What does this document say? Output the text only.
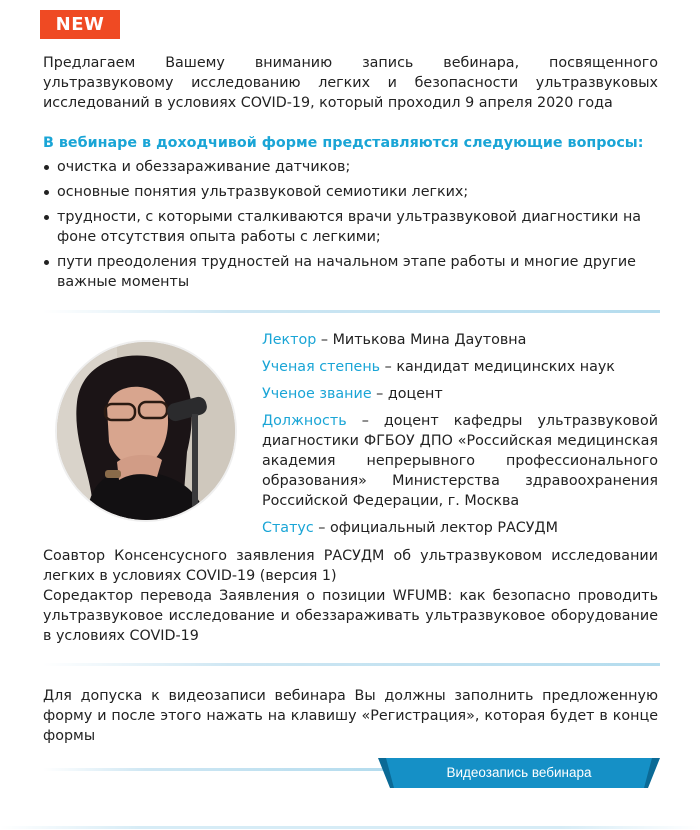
NEW

Предлагаем Вашему вниманию запись вебинара, посвященного ультразвуковому исследованию легких и безопасности ультразвуковых исследований в условиях COVID-19, который проходил 9 апреля 2020 года

В вебинаре в доходчивой форме представляются следующие вопросы:

очистка и обеззараживание датчиков;
основные понятия ультразвуковой семиотики легких;
трудности, с которыми сталкиваются врачи ультразвуковой диагностики на фоне отсутствия опыта работы с легкими;
пути преодоления трудностей на начальном этапе работы и многие другие важные моменты

Лектор – Митькова Мина Даутовна

Ученая степень – кандидат медицинских наук

Ученое звание – доцент

Должность – доцент кафедры ультразвуковой диагностики ФГБОУ ДПО «Российская медицинская академия непрерывного профессионального образования» Министерства здравоохранения Российской Федерации, г. Москва

Статус – официальный лектор РАСУДМ

Соавтор Консенсусного заявления РАСУДМ об ультразвуковом исследовании легких в условиях COVID-19 (версия 1)

Соредактор перевода Заявления о позиции WFUMB: как безопасно проводить ультразвуковое исследование и обеззараживать ультразвуковое оборудование в условиях COVID-19

Для допуска к видеозаписи вебинара Вы должны заполнить предложенную форму и после этого нажать на клавишу «Регистрация», которая будет в конце формы

Видеозапись вебинара
